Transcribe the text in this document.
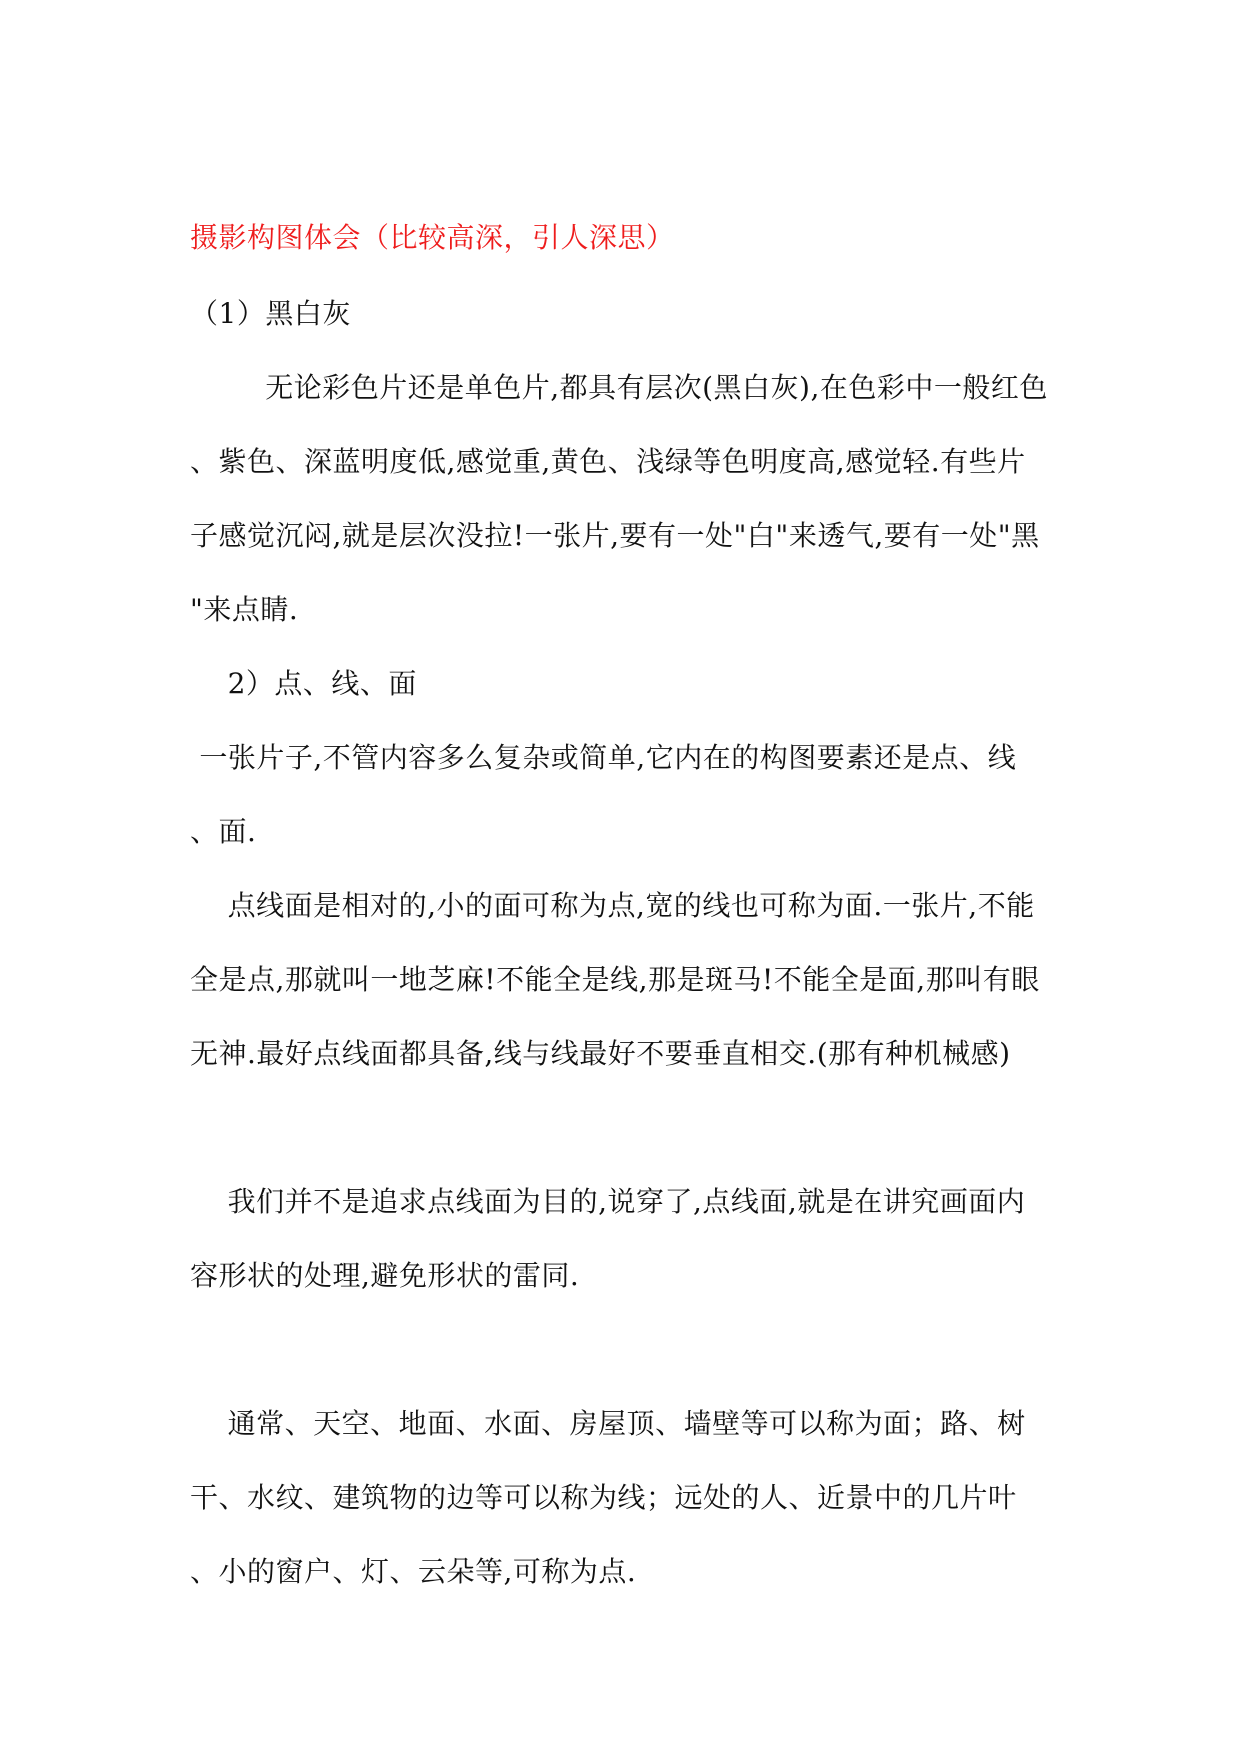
摄影构图体会（比较高深，引人深思）
（1）黑白灰
无论彩色片还是单色片,都具有层次(黑白灰),在色彩中一般红色
、紫色、深蓝明度低,感觉重,黄色、浅绿等色明度高,感觉轻.有些片
子感觉沉闷,就是层次没拉!一张片,要有一处"白"来透气,要有一处"黑
"来点睛.
2）点、线、面
一张片子,不管内容多么复杂或简单,它内在的构图要素还是点、线
、面.
点线面是相对的,小的面可称为点,宽的线也可称为面.一张片,不能
全是点,那就叫一地芝麻!不能全是线,那是斑马!不能全是面,那叫有眼
无神.最好点线面都具备,线与线最好不要垂直相交.(那有种机械感)
我们并不是追求点线面为目的,说穿了,点线面,就是在讲究画面内
容形状的处理,避免形状的雷同.
通常、天空、地面、水面、房屋顶、墙壁等可以称为面；路、树
干、水纹、建筑物的边等可以称为线；远处的人、近景中的几片叶
、小的窗户、灯、云朵等,可称为点.
